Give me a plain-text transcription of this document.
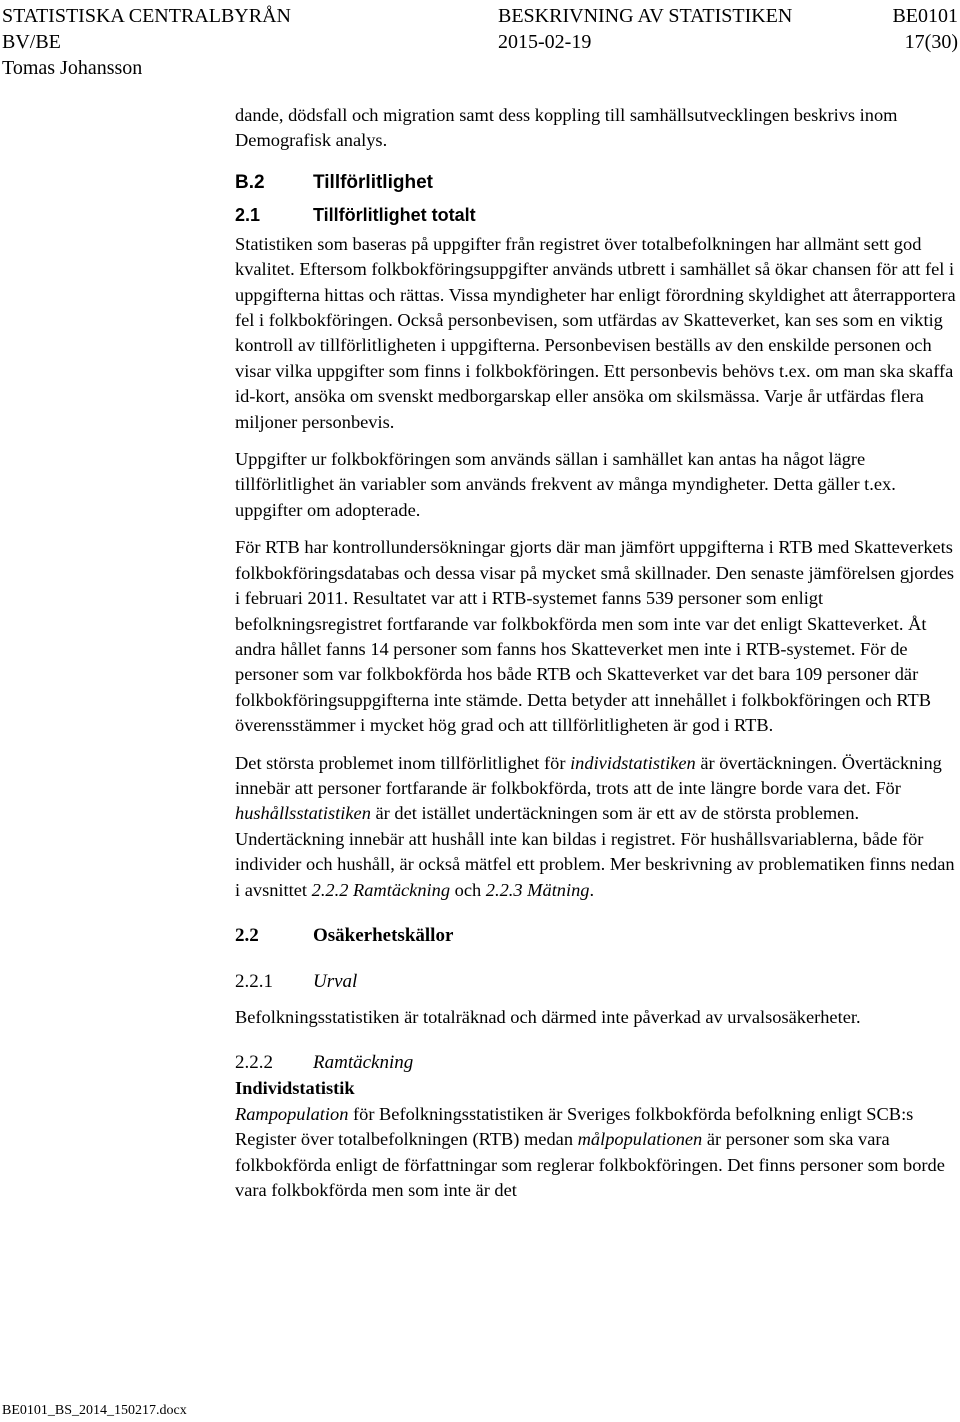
STATISTISKA CENTRALBYRÅN	BESKRIVNING AV STATISTIKEN	BE0101
BV/BE	2015-02-19	17(30)
Tomas Johansson

dande, dödsfall och migration samt dess koppling till samhällsutvecklingen beskrivs inom Demografisk analys.

B.2	Tillförlitlighet
2.1	Tillförlitlighet totalt

Statistiken som baseras på uppgifter från registret över totalbefolkningen har allmänt sett god kvalitet. Eftersom folkbokföringsuppgifter används utbrett i samhället så ökar chansen för att fel i uppgifterna hittas och rättas. Vissa myndigheter har enligt förordning skyldighet att återrapportera fel i folkbokföringen. Också personbevisen, som utfärdas av Skatteverket, kan ses som en viktig kontroll av tillförlitligheten i uppgifterna. Personbevisen beställs av den enskilde personen och visar vilka uppgifter som finns i folkbokföringen. Ett personbevis behövs t.ex. om man ska skaffa id-kort, ansöka om svenskt medborgarskap eller ansöka om skilsmässa. Varje år utfärdas flera miljoner personbevis.

Uppgifter ur folkbokföringen som används sällan i samhället kan antas ha något lägre tillförlitlighet än variabler som används frekvent av många myndigheter. Detta gäller t.ex. uppgifter om adopterade.

För RTB har kontrollundersökningar gjorts där man jämfört uppgifterna i RTB med Skatteverkets folkbokföringsdatabas och dessa visar på mycket små skillnader. Den senaste jämförelsen gjordes i februari 2011. Resultatet var att i RTB-systemet fanns 539 personer som enligt befolkningsregistret fortfarande var folkbokförda men som inte var det enligt Skatteverket. Åt andra hållet fanns 14 personer som fanns hos Skatteverket men inte i RTB-systemet. För de personer som var folkbokförda hos både RTB och Skatteverket var det bara 109 personer där folkbokföringsuppgifterna inte stämde. Detta betyder att innehållet i folkbokföringen och RTB överensstämmer i mycket hög grad och att tillförlitligheten är god i RTB.

Det största problemet inom tillförlitlighet för individstatistiken är övertäckningen. Övertäckning innebär att personer fortfarande är folkbokförda, trots att de inte längre borde vara det. För hushållsstatistiken är det istället undertäckningen som är ett av de största problemen. Undertäckning innebär att hushåll inte kan bildas i registret. För hushållsvariablerna, både för individer och hushåll, är också mätfel ett problem. Mer beskrivning av problematiken finns nedan i avsnittet 2.2.2 Ramtäckning och 2.2.3 Mätning.

2.2	Osäkerhetskällor
2.2.1 Urval

Befolkningsstatistiken är totalräknad och därmed inte påverkad av urvalsosäkerheter.

2.2.2 Ramtäckning

Individstatistik

Rampopulation för Befolkningsstatistiken är Sveriges folkbokförda befolkning enligt SCB:s Register över totalbefolkningen (RTB) medan målpopulationen är personer som ska vara folkbokförda enligt de författningar som reglerar folkbokföringen. Det finns personer som borde vara folkbokförda men som inte är det

BE0101_BS_2014_150217.docx
